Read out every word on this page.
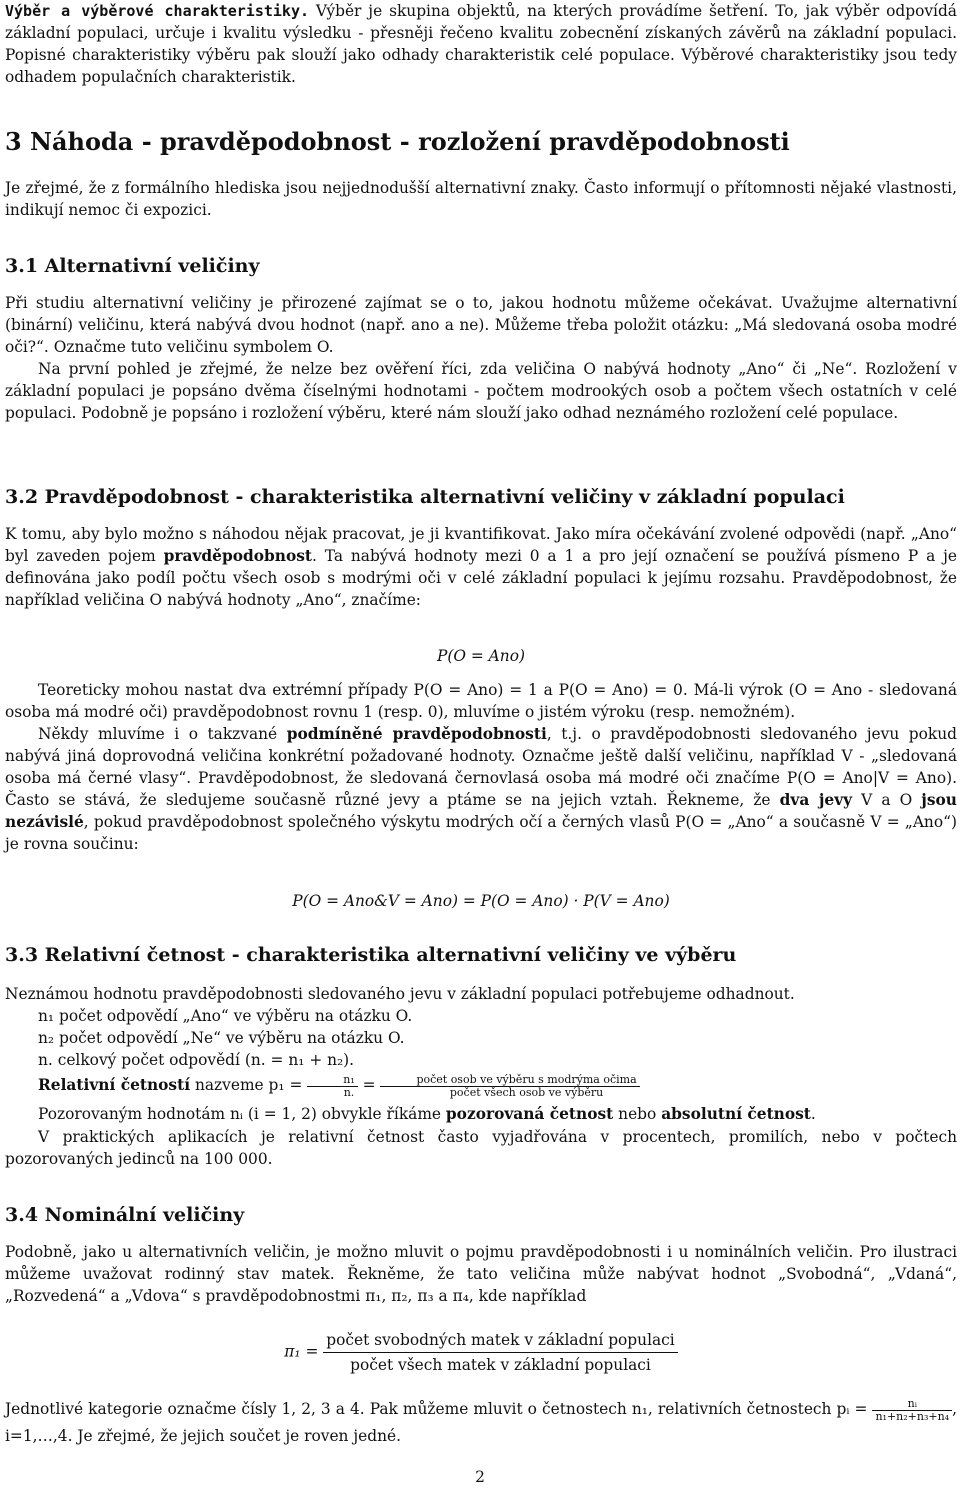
Výběr a výběrové charakteristiky. Výběr je skupina objektů, na kterých provádíme šetření. To, jak výběr odpovídá základní populaci, určuje i kvalitu výsledku - přesněji řečeno kvalitu zobecnění získaných závěrů na základní populaci. Popisné charakteristiky výběru pak slouží jako odhady charakteristik celé populace. Výběrové charakteristiky jsou tedy odhadem populačních charakteristik.

3 Náhoda - pravděpodobnost - rozložení pravděpodobnosti

Je zřejmé, že z formálního hlediska jsou nejjednodušší alternativní znaky. Často informují o přítomnosti nějaké vlastnosti, indikují nemoc či expozici.

3.1 Alternativní veličiny

Při studiu alternativní veličiny je přirozené zajímat se o to, jakou hodnotu můžeme očekávat. Uvažujme alternativní (binární) veličinu, která nabývá dvou hodnot (např. ano a ne). Můžeme třeba položit otázku: „Má sledovaná osoba modré oči?“. Označme tuto veličinu symbolem O.

Na první pohled je zřejmé, že nelze bez ověření říci, zda veličina O nabývá hodnoty „Ano“ či „Ne“. Rozložení v základní populaci je popsáno dvěma číselnými hodnotami - počtem modrookých osob a počtem všech ostatních v celé populaci. Podobně je popsáno i rozložení výběru, které nám slouží jako odhad neznámého rozložení celé populace.

3.2 Pravděpodobnost - charakteristika alternativní veličiny v základní populaci

K tomu, aby bylo možno s náhodou nějak pracovat, je ji kvantifikovat. Jako míra očekávání zvolené odpovědi (např. „Ano“ byl zaveden pojem pravděpodobnost. Ta nabývá hodnoty mezi 0 a 1 a pro její označení se používá písmeno P a je definována jako podíl počtu všech osob s modrými oči v celé základní populaci k jejímu rozsahu. Pravděpodobnost, že například veličina O nabývá hodnoty „Ano“, značíme:

P(O = Ano)

Teoreticky mohou nastat dva extrémní případy P(O = Ano) = 1 a P(O = Ano) = 0. Má-li výrok (O = Ano - sledovaná osoba má modré oči) pravděpodobnost rovnu 1 (resp. 0), mluvíme o jistém výroku (resp. nemožném).

Někdy mluvíme i o takzvané podmíněné pravděpodobnosti, t.j. o pravděpodobnosti sledovaného jevu pokud nabývá jiná doprovodná veličina konkrétní požadované hodnoty. Označme ještě další veličinu, například V - „sledovaná osoba má černé vlasy“. Pravděpodobnost, že sledovaná černovlasá osoba má modré oči značíme P(O = Ano|V = Ano). Často se stává, že sledujeme současně různé jevy a ptáme se na jejich vztah. Řekneme, že dva jevy V a O jsou nezávislé, pokud pravděpodobnost společného výskytu modrých očí a černých vlasů P(O = „Ano“ a současně V = „Ano“) je rovna součinu:

P(O = Ano&V = Ano) = P(O = Ano) · P(V = Ano)
3.3 Relativní četnost - charakteristika alternativní veličiny ve výběru

Neznámou hodnotu pravděpodobnosti sledovaného jevu v základní populaci potřebujeme odhadnout.

n₁ počet odpovědí „Ano“ ve výběru na otázku O.

n₂ počet odpovědí „Ne“ ve výběru na otázku O.

n. celkový počet odpovědí (n. = n₁ + n₂).

Relativní četností nazveme $p_1 = \frac{\text{n₁}}{n.} = \frac{\text{počet osob ve výběru s modrýma očima}}{\text{počet všech osob ve výběru}}$

Pozorovaným hodnotám nᵢ (i = 1, 2) obvykle říkáme pozorovaná četnost nebo absolutní četnost.

V praktických aplikacích je relativní četnost často vyjadřována v procentech, promilích, nebo v počtech pozorovaných jedinců na 100 000.

3.4 Nominální veličiny

Podobně, jako u alternativních veličin, je možno mluvit o pojmu pravděpodobnosti i u nominálních veličin. Pro ilustraci můžeme uvažovat rodinný stav matek. Řekněme, že tato veličina může nabývat hodnot „Svobodná“, „Vdaná“, „Rozvedená“ a „Vdova“ s pravděpodobnostmi π₁, π₂, π₃ a π₄, kde například

$\pi_1 = \frac{\text{počet svobodných matek v základní populaci}}{\text{počet všech matek v základní populaci}}$

Jednotlivé kategorie označme čísly 1, 2, 3 a 4. Pak můžeme mluvit o četnostech n₁, relativních četnostech pᵢ = $\frac{\text{nᵢ}}{\text{n₁+n₂+n₃+n₄}}$ , i=1,…,4. Je zřejmé, že jejich součet je roven jedné.

2
